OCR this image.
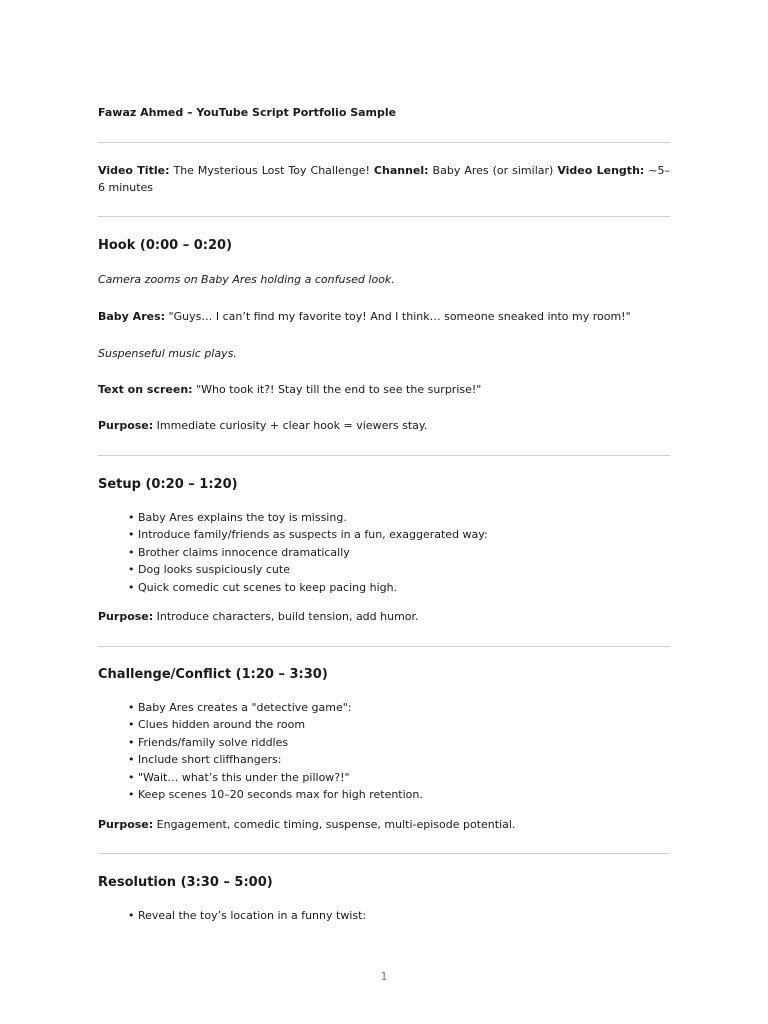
Fawaz Ahmed – YouTube Script Portfolio Sample
Video Title: The Mysterious Lost Toy Challenge! Channel: Baby Ares (or similar) Video Length: ~5–6 minutes
Hook (0:00 – 0:20)
Camera zooms on Baby Ares holding a confused look.
Baby Ares: "Guys… I can’t find my favorite toy! And I think… someone sneaked into my room!"
Suspenseful music plays.
Text on screen: "Who took it?! Stay till the end to see the surprise!"
Purpose: Immediate curiosity + clear hook = viewers stay.
Setup (0:20 – 1:20)
• Baby Ares explains the toy is missing.
• Introduce family/friends as suspects in a fun, exaggerated way:
• Brother claims innocence dramatically
• Dog looks suspiciously cute
• Quick comedic cut scenes to keep pacing high.
Purpose: Introduce characters, build tension, add humor.
Challenge/Conflict (1:20 – 3:30)
• Baby Ares creates a "detective game":
• Clues hidden around the room
• Friends/family solve riddles
• Include short cliffhangers:
• "Wait… what’s this under the pillow?!"
• Keep scenes 10–20 seconds max for high retention.
Purpose: Engagement, comedic timing, suspense, multi-episode potential.
Resolution (3:30 – 5:00)
• Reveal the toy’s location in a funny twist:
1
